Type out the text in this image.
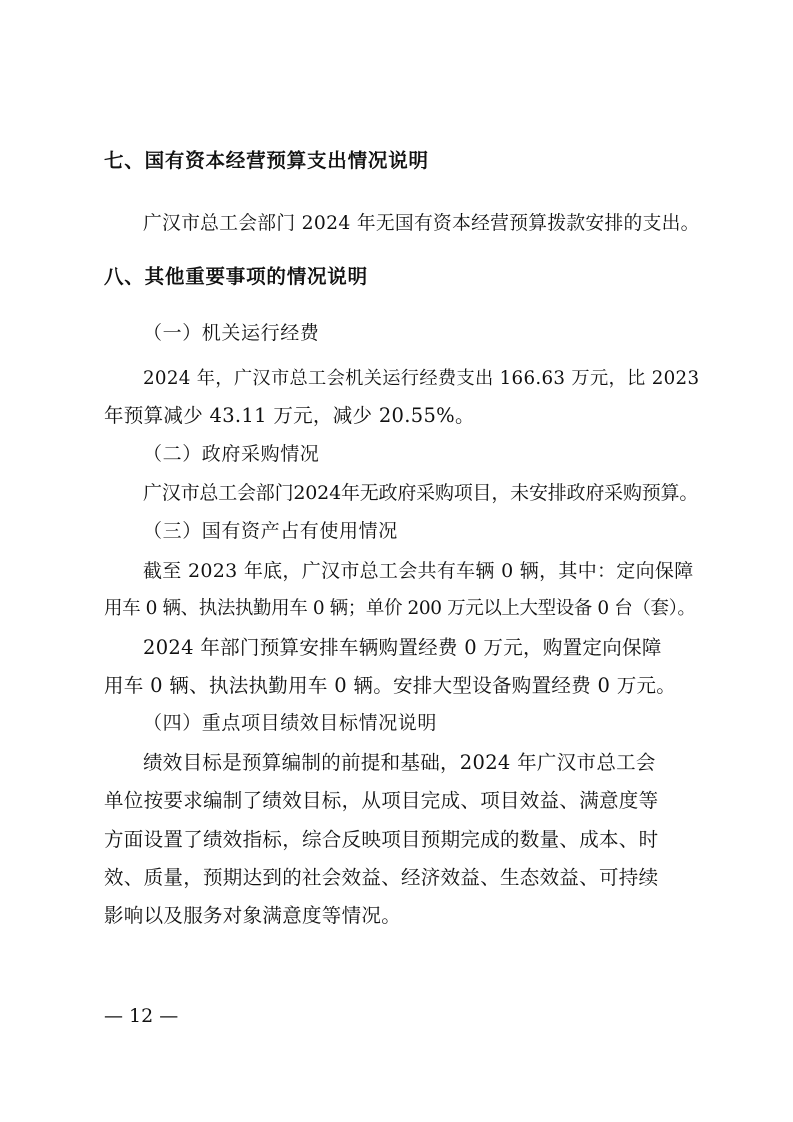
七、国有资本经营预算支出情况说明
广汉市总工会部门 2024 年无国有资本经营预算拨款安排的支出。
八、其他重要事项的情况说明
（一）机关运行经费
2024 年，广汉市总工会机关运行经费支出 166.63 万元，比 2023
年预算减少 43.11 万元，减少 20.55%。
（二）政府采购情况
广汉市总工会部门2024年无政府采购项目，未安排政府采购预算。
（三）国有资产占有使用情况
截至 2023 年底，广汉市总工会共有车辆 0 辆，其中：定向保障
用车 0 辆、执法执勤用车 0 辆；单价 200 万元以上大型设备 0 台（套）。
2024 年部门预算安排车辆购置经费 0 万元，购置定向保障
用车 0 辆、执法执勤用车 0 辆。安排大型设备购置经费 0 万元。
（四）重点项目绩效目标情况说明
绩效目标是预算编制的前提和基础，2024 年广汉市总工会
单位按要求编制了绩效目标，从项目完成、项目效益、满意度等
方面设置了绩效指标，综合反映项目预期完成的数量、成本、时
效、质量，预期达到的社会效益、经济效益、生态效益、可持续
影响以及服务对象满意度等情况。
— 12 —
